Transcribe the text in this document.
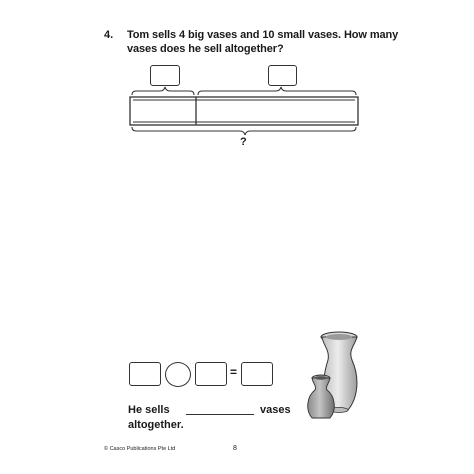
4. Tom sells 4 big vases and 10 small vases. How many
vases does he sell altogether?
?
=
He sells	vases
altogether.
© Casco Publications Pte Ltd	8
